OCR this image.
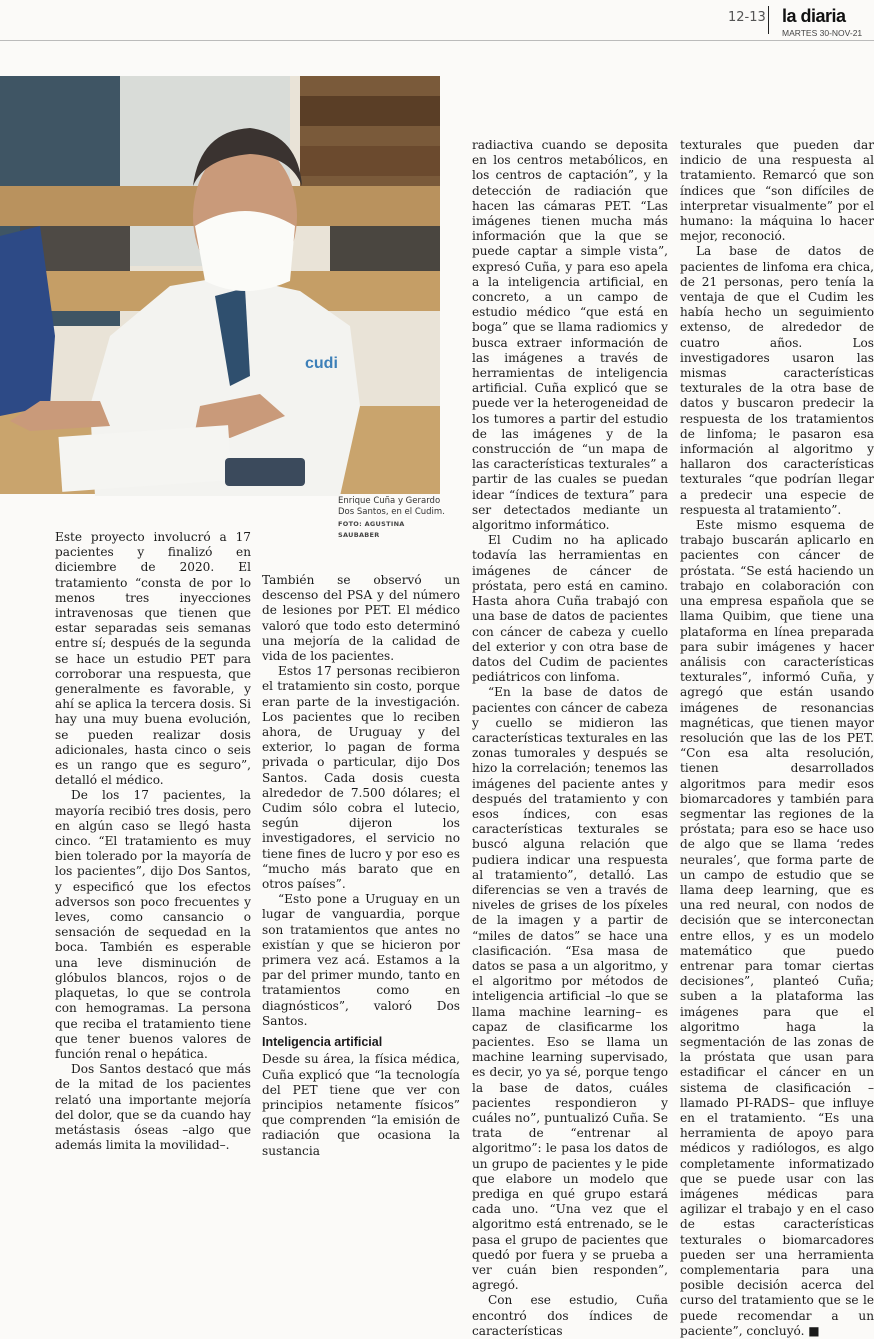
12-13 la diaria
MARTES 30-NOV-21
cudi
Enrique Cuña y Gerardo Dos Santos, en el Cudim.
FOTO: AGUSTINA SAUBABER

Este proyecto involucró a 17 pacientes y finalizó en diciembre de 2020. El tratamiento “consta de por lo menos tres inyecciones intravenosas que tienen que estar separadas seis semanas entre sí; después de la segunda se hace un estudio PET para corroborar una respuesta, que generalmente es favorable, y ahí se aplica la tercera dosis. Si hay una muy buena evolución, se pueden realizar dosis adicionales, hasta cinco o seis es un rango que es seguro”, detalló el médico.

De los 17 pacientes, la mayoría recibió tres dosis, pero en algún caso se llegó hasta cinco. “El tratamiento es muy bien tolerado por la mayoría de los pacientes”, dijo Dos Santos, y especificó que los efectos adversos son poco frecuentes y leves, como cansancio o sensación de sequedad en la boca. También es esperable una leve disminución de glóbulos blancos, rojos o de plaquetas, lo que se controla con hemogramas. La persona que reciba el tratamiento tiene que tener buenos valores de función renal o hepática.

Dos Santos destacó que más de la mitad de los pacientes relató una importante mejoría del dolor, que se da cuando hay metástasis óseas –algo que además limita la movilidad–.

También se observó un descenso del PSA y del número de lesiones por PET. El médico valoró que todo esto determinó una mejoría de la calidad de vida de los pacientes.

Estos 17 personas recibieron el tratamiento sin costo, porque eran parte de la investigación. Los pacientes que lo reciben ahora, de Uruguay y del exterior, lo pagan de forma privada o particular, dijo Dos Santos. Cada dosis cuesta alrededor de 7.500 dólares; el Cudim sólo cobra el lutecio, según dijeron los investigadores, el servicio no tiene fines de lucro y por eso es “mucho más barato que en otros países”.

“Esto pone a Uruguay en un lugar de vanguardia, porque son tratamientos que antes no existían y que se hicieron por primera vez acá. Estamos a la par del primer mundo, tanto en tratamientos como en diagnósticos”, valoró Dos Santos.

Inteligencia artificial

Desde su área, la física médica, Cuña explicó que “la tecnología del PET tiene que ver con principios netamente físicos” que comprenden “la emisión de radiación que ocasiona la sustancia

radiactiva cuando se deposita en los centros metabólicos, en los centros de captación”, y la detección de radiación que hacen las cámaras PET. “Las imágenes tienen mucha más información que la que se puede captar a simple vista”, expresó Cuña, y para eso apela a la inteligencia artificial, en concreto, a un campo de estudio médico “que está en boga” que se llama radiomics y busca extraer información de las imágenes a través de herramientas de inteligencia artificial. Cuña explicó que se puede ver la heterogeneidad de los tumores a partir del estudio de las imágenes y de la construcción de “un mapa de las características texturales” a partir de las cuales se puedan idear “índices de textura” para ser detectados mediante un algoritmo informático.

El Cudim no ha aplicado todavía las herramientas en imágenes de cáncer de próstata, pero está en camino. Hasta ahora Cuña trabajó con una base de datos de pacientes con cáncer de cabeza y cuello del exterior y con otra base de datos del Cudim de pacientes pediátricos con linfoma.

“En la base de datos de pacientes con cáncer de cabeza y cuello se midieron las características texturales en las zonas tumorales y después se hizo la correlación; tenemos las imágenes del paciente antes y después del tratamiento y con esos índices, con esas características texturales se buscó alguna relación que pudiera indicar una respuesta al tratamiento”, detalló. Las diferencias se ven a través de niveles de grises de los píxeles de la imagen y a partir de “miles de datos” se hace una clasificación. “Esa masa de datos se pasa a un algoritmo, y el algoritmo por métodos de inteligencia artificial –lo que se llama machine learning– es capaz de clasificarme los pacientes. Eso se llama un machine learning supervisado, es decir, yo ya sé, porque tengo la base de datos, cuáles pacientes respondieron y cuáles no”, puntualizó Cuña. Se trata de “entrenar al algoritmo”: le pasa los datos de un grupo de pacientes y le pide que elabore un modelo que prediga en qué grupo estará cada uno. “Una vez que el algoritmo está entrenado, se le pasa el grupo de pacientes que quedó por fuera y se prueba a ver cuán bien responden”, agregó.

Con ese estudio, Cuña encontró dos índices de características

texturales que pueden dar indicio de una respuesta al tratamiento. Remarcó que son índices que “son difíciles de interpretar visualmente” por el humano: la máquina lo hacer mejor, reconoció.

La base de datos de pacientes de linfoma era chica, de 21 personas, pero tenía la ventaja de que el Cudim les había hecho un seguimiento extenso, de alrededor de cuatro años. Los investigadores usaron las mismas características texturales de la otra base de datos y buscaron predecir la respuesta de los tratamientos de linfoma; le pasaron esa información al algoritmo y hallaron dos características texturales “que podrían llegar a predecir una especie de respuesta al tratamiento”.

Este mismo esquema de trabajo buscarán aplicarlo en pacientes con cáncer de próstata. “Se está haciendo un trabajo en colaboración con una empresa española que se llama Quibim, que tiene una plataforma en línea preparada para subir imágenes y hacer análisis con características texturales”, informó Cuña, y agregó que están usando imágenes de resonancias magnéticas, que tienen mayor resolución que las de los PET. “Con esa alta resolución, tienen desarrollados algoritmos para medir esos biomarcadores y también para segmentar las regiones de la próstata; para eso se hace uso de algo que se llama ‘redes neurales’, que forma parte de un campo de estudio que se llama deep learning, que es una red neural, con nodos de decisión que se interconectan entre ellos, y es un modelo matemático que puedo entrenar para tomar ciertas decisiones”, planteó Cuña; suben a la plataforma las imágenes para que el algoritmo haga la segmentación de las zonas de la próstata que usan para estadificar el cáncer en un sistema de clasificación –llamado PI-RADS– que influye en el tratamiento. “Es una herramienta de apoyo para médicos y radiólogos, es algo completamente informatizado que se puede usar con las imágenes médicas para agilizar el trabajo y en el caso de estas características texturales o biomarcadores pueden ser una herramienta complementaria para una posible decisión acerca del curso del tratamiento que se le puede recomendar a un paciente”, concluyó. ■
